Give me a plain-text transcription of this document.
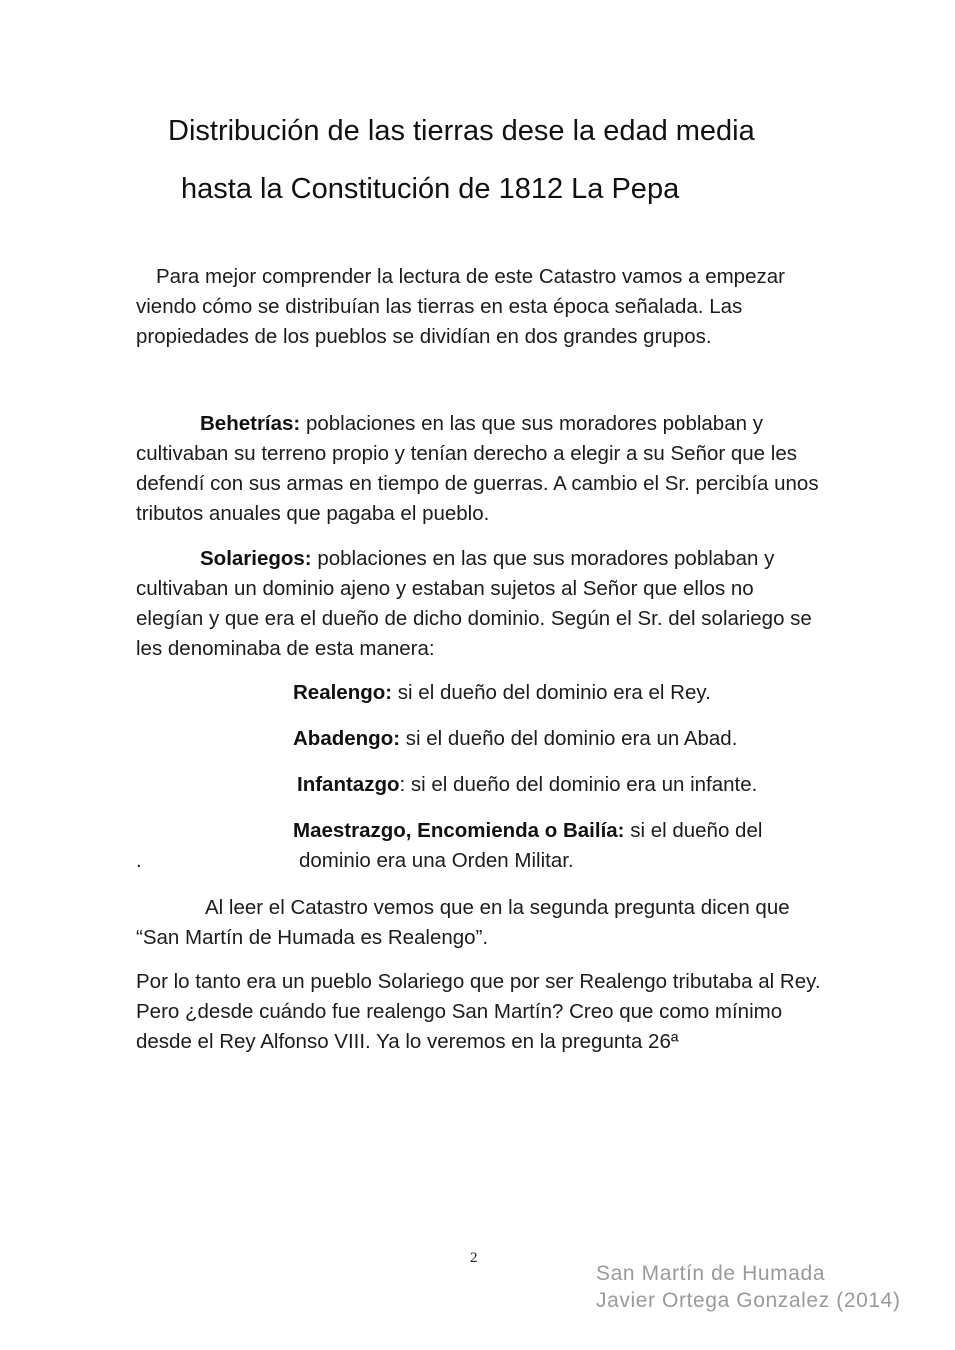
Distribución de las tierras dese la edad media
hasta la Constitución de 1812 La Pepa

Para mejor comprender la lectura de este Catastro vamos a empezar viendo cómo se distribuían las tierras en esta época señalada. Las propiedades de los pueblos se dividían en dos grandes grupos.

Behetrías: poblaciones en las que sus moradores poblaban y cultivaban su terreno propio y tenían derecho a elegir a su Señor que les defendí con sus armas en tiempo de guerras. A cambio el Sr. percibía unos tributos anuales que pagaba el pueblo.

Solariegos: poblaciones en las que sus moradores poblaban y cultivaban un dominio ajeno y estaban sujetos al Señor que ellos no elegían y que era el dueño de dicho dominio. Según el Sr. del solariego se les denominaba de esta manera:

Realengo: si el dueño del dominio era el Rey.
Abadengo: si el dueño del dominio era un Abad.
Infantazgo: si el dueño del dominio era un infante.
Maestrazgo, Encomienda o Bailía: si el dueño del
.	dominio era una Orden Militar.

Al leer el Catastro vemos que en la segunda pregunta dicen que “San Martín de Humada es Realengo”.

Por lo tanto era un pueblo Solariego que por ser Realengo tributaba al Rey. Pero ¿desde cuándo fue realengo San Martín? Creo que como mínimo desde el Rey Alfonso VIII. Ya lo veremos en la pregunta 26ª

2
San Martín de Humada
Javier Ortega Gonzalez (2014)
